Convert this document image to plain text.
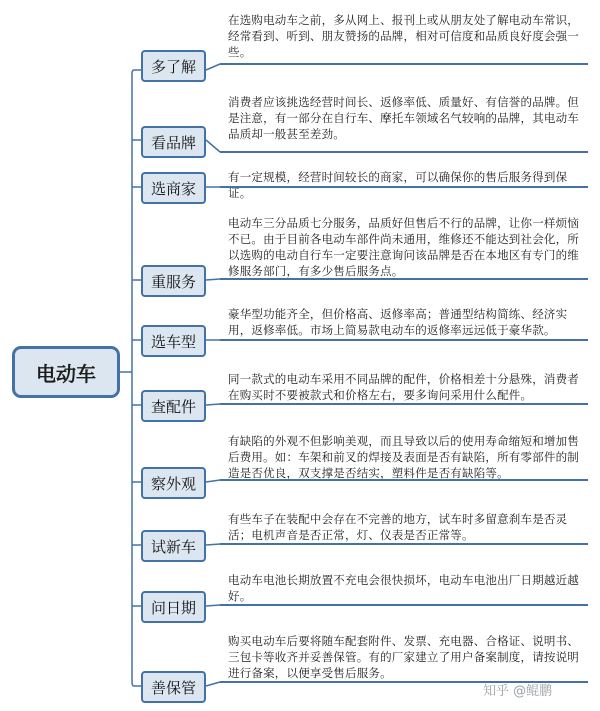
电动车
多了解
在选购电动车之前，多从网上、报刊上或从朋友处了解电动车常识，经常看到、听到、朋友赞扬的品牌，相对可信度和品质良好度会强一些。
看品牌
消费者应该挑选经营时间长、返修率低、质量好、有信誉的品牌。但是注意，有一部分在自行车、摩托车领域名气较响的品牌，其电动车品质却一般甚至差劲。
选商家
有一定规模，经营时间较长的商家，可以确保你的售后服务得到保证。
重服务
电动车三分品质七分服务，品质好但售后不行的品牌，让你一样烦恼不已。由于目前各电动车部件尚未通用，维修还不能达到社会化，所以选购的电动自行车一定要注意询问该品牌是否在本地区有专门的维修服务部门，有多少售后服务点。
选车型
豪华型功能齐全，但价格高、返修率高；普通型结构简练、经济实用，返修率低。市场上简易款电动车的返修率远远低于豪华款。
查配件
同一款式的电动车采用不同品牌的配件，价格相差十分悬殊，消费者在购买时不要被款式和价格左右，要多询问采用什么配件。
察外观
有缺陷的外观不但影响美观，而且导致以后的使用寿命缩短和增加售后费用。如：车架和前叉的焊接及表面是否有缺陷，所有零部件的制造是否优良，双支撑是否结实，塑料件是否有缺陷等。
试新车
有些车子在装配中会存在不完善的地方，试车时多留意刹车是否灵活；电机声音是否正常，灯、仪表是否正常等。
问日期
电动车电池长期放置不充电会很快损坏，电动车电池出厂日期越近越好。
善保管
购买电动车后要将随车配套附件、发票、充电器、合格证、说明书、三包卡等收齐并妥善保管。有的厂家建立了用户备案制度，请按说明进行备案，以便享受售后服务。
知乎 @鲲鹏
